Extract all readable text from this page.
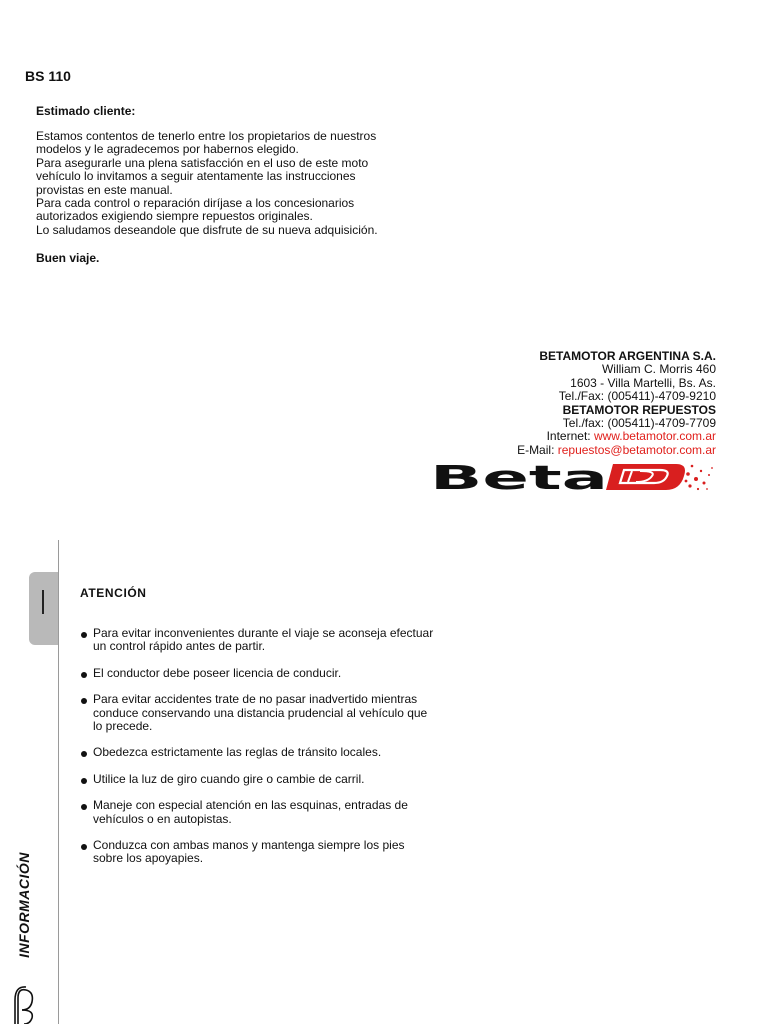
BS 110
Estimado cliente:
Estamos contentos de tenerlo entre los propietarios de nuestros
modelos y le agradecemos por habernos elegido.
Para asegurarle una plena satisfacción en el uso de este moto
vehículo lo invitamos a seguir atentamente las instrucciones
provistas en este manual.
Para cada control o reparación diríjase a los concesionarios
autorizados exigiendo siempre repuestos originales.
Lo saludamos deseandole que disfrute de su nueva adquisición.
Buen viaje.
BETAMOTOR ARGENTINA S.A.
William C. Morris 460
1603 - Villa Martelli, Bs. As.
Tel./Fax: (005411)-4709-9210
BETAMOTOR REPUESTOS
Tel./fax: (005411)-4709-7709
Internet: www.betamotor.com.ar
E-Mail: repuestos@betamotor.com.ar
Beta
INFORMACIÓN
ATENCIÓN
Para evitar inconvenientes durante el viaje se aconseja efectuar
un control rápido antes de partir.
El conductor debe poseer licencia de conducir.
Para evitar accidentes trate de no pasar inadvertido mientras
conduce conservando una distancia prudencial al vehículo que
lo precede.
Obedezca estrictamente las reglas de tránsito locales.
Utilice la luz de giro cuando gire o cambie de carril.
Maneje con especial atención en las esquinas, entradas de
vehículos o en autopistas.
Conduzca con ambas manos y mantenga siempre los pies
sobre los apoyapies.
